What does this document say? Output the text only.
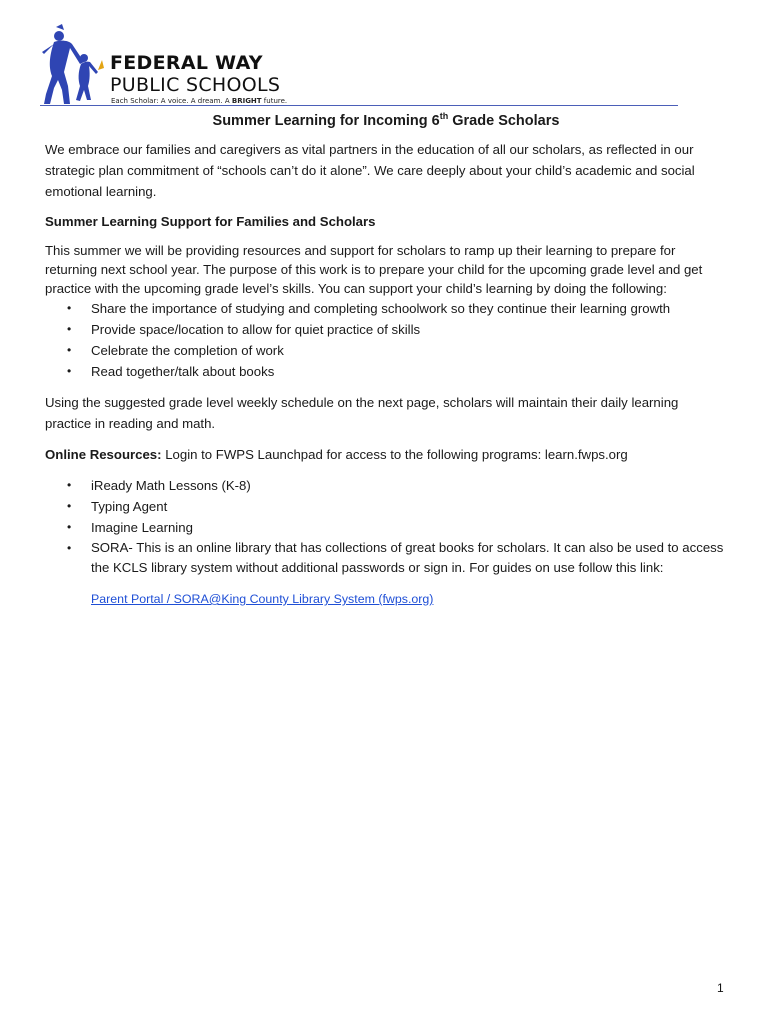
FEDERAL WAY
PUBLIC SCHOOLS
Each Scholar: A voice. A dream. A BRIGHT future.
Summer Learning for Incoming 6th Grade Scholars

We embrace our families and caregivers as vital partners in the education of all our scholars, as reflected in our strategic plan commitment of “schools can’t do it alone”. We care deeply about your child’s academic and social emotional learning.

Summer Learning Support for Families and Scholars

This summer we will be providing resources and support for scholars to ramp up their learning to prepare for returning next school year. The purpose of this work is to prepare your child for the upcoming grade level and get practice with the upcoming grade level’s skills. You can support your child’s learning by doing the following:

• Share the importance of studying and completing schoolwork so they continue their learning growth
• Provide space/location to allow for quiet practice of skills
• Celebrate the completion of work
• Read together/talk about books

Using the suggested grade level weekly schedule on the next page, scholars will maintain their daily learning practice in reading and math.

Online Resources: Login to FWPS Launchpad for access to the following programs: learn.fwps.org

• iReady Math Lessons (K-8)
• Typing Agent
• Imagine Learning
• SORA- This is an online library that has collections of great books for scholars. It can also be used to access the KCLS library system without additional passwords or sign in. For guides on use follow this link:
Parent Portal / SORA@King County Library System (fwps.org)
1
